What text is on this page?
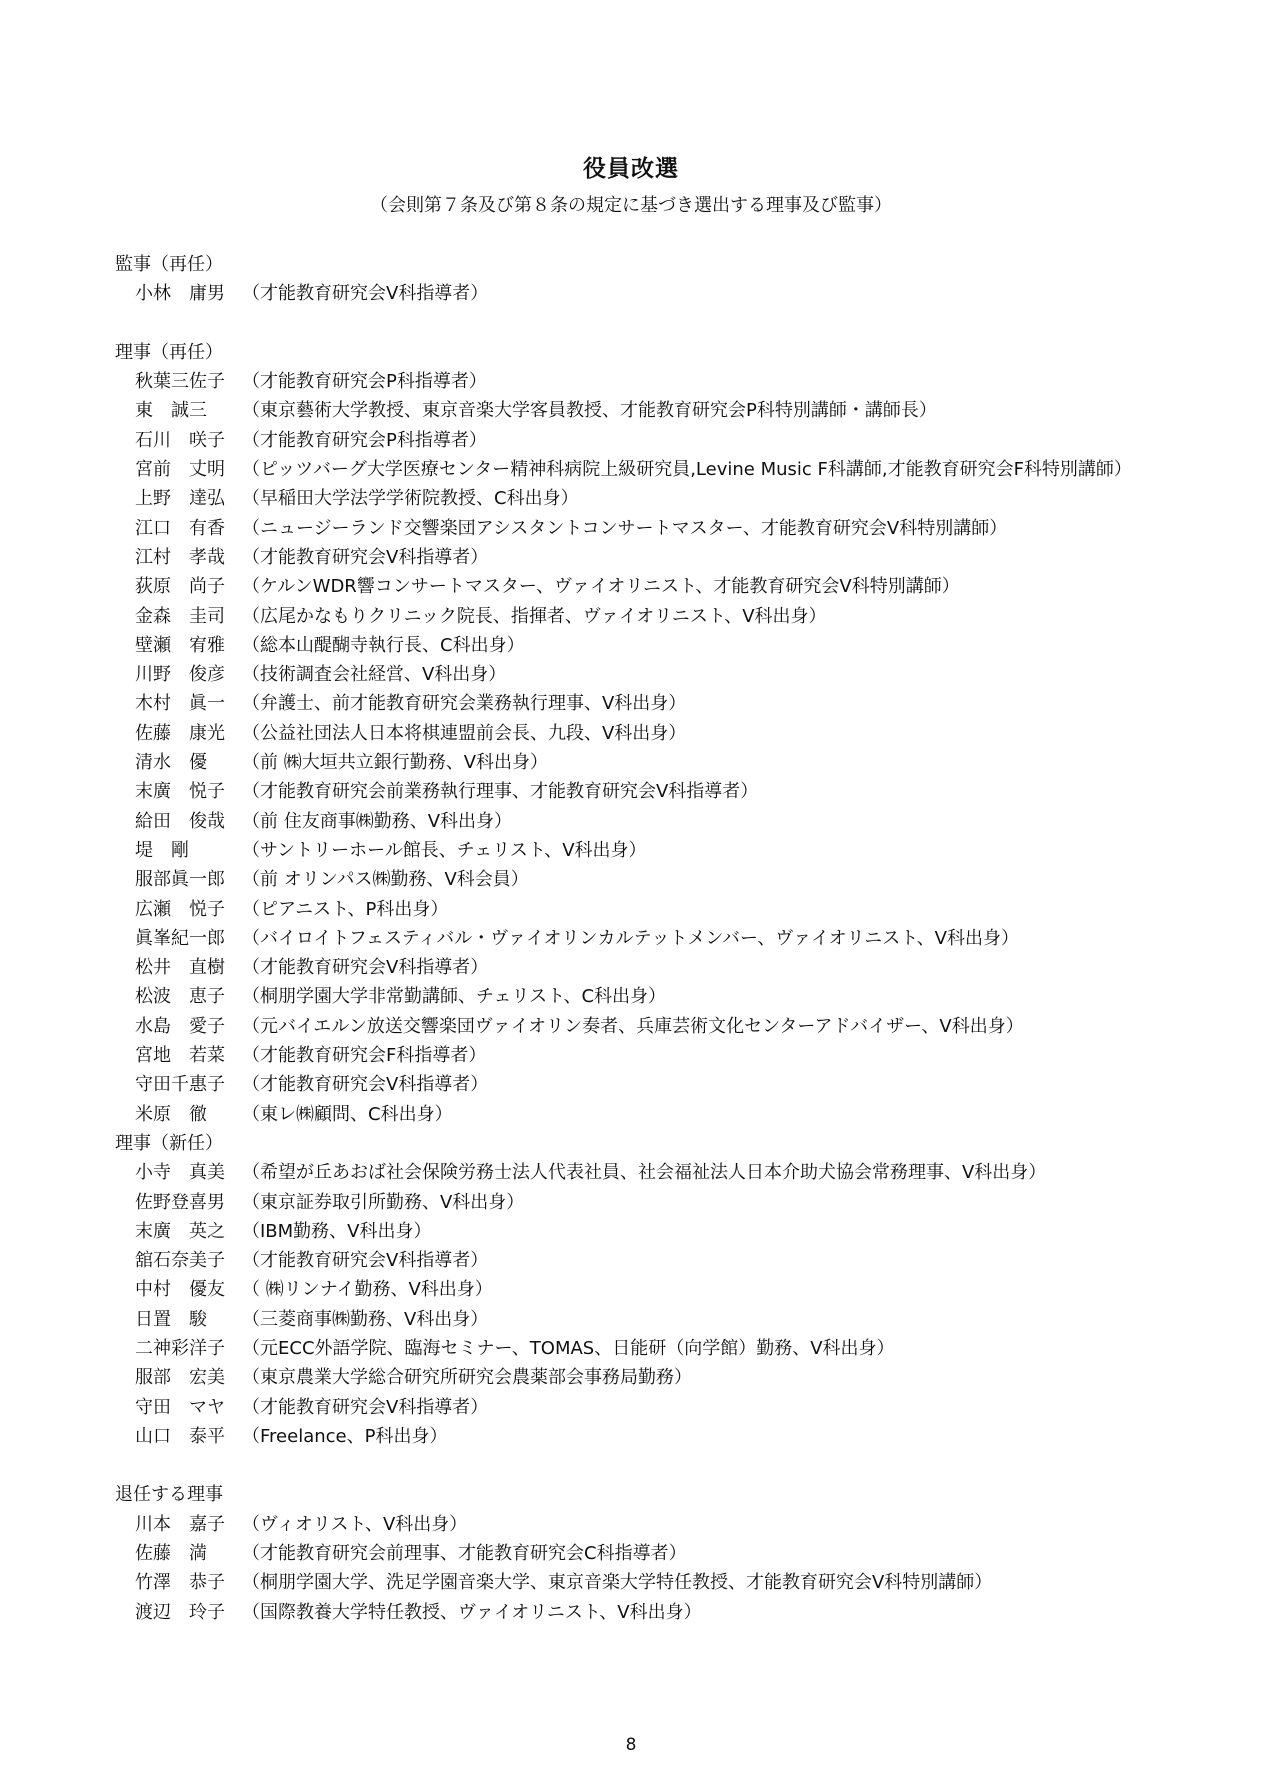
役員改選
（会則第７条及び第８条の規定に基づき選出する理事及び監事）
監事（再任）
小林　庸男 （才能教育研究会V科指導者）
理事（再任）
秋葉三佐子 （才能教育研究会P科指導者）
東　誠三	（東京藝術大学教授、東京音楽大学客員教授、才能教育研究会P科特別講師・講師長）
石川　咲子 （才能教育研究会P科指導者）
宮前　丈明 （ピッツバーグ大学医療センター精神科病院上級研究員,Levine Music F科講師,才能教育研究会F科特別講師）
上野　達弘 （早稲田大学法学学術院教授、C科出身）
江口　有香 （ニュージーランド交響楽団アシスタントコンサートマスター、才能教育研究会V科特別講師）
江村　孝哉 （才能教育研究会V科指導者）
荻原　尚子 （ケルンWDR響コンサートマスター、ヴァイオリニスト、才能教育研究会V科特別講師）
金森　圭司 （広尾かなもりクリニック院長、指揮者、ヴァイオリニスト、V科出身）
壁瀬　宥雅 （総本山醍醐寺執行長、C科出身）
川野　俊彦 （技術調査会社経営、V科出身）
木村　眞一 （弁護士、前才能教育研究会業務執行理事、V科出身）
佐藤　康光 （公益社団法人日本将棋連盟前会長、九段、V科出身）
清水　優	（前 ㈱大垣共立銀行勤務、V科出身）
末廣　悦子 （才能教育研究会前業務執行理事、才能教育研究会V科指導者）
給田　俊哉 （前 住友商事㈱勤務、V科出身）
堤　剛	（サントリーホール館長、チェリスト、V科出身）
服部眞一郎 （前 オリンパス㈱勤務、V科会員）
広瀬　悦子 （ピアニスト、P科出身）
眞峯紀一郎 （バイロイトフェスティバル・ヴァイオリンカルテットメンバー、ヴァイオリニスト、V科出身）
松井　直樹 （才能教育研究会V科指導者）
松波　恵子 （桐朋学園大学非常勤講師、チェリスト、C科出身）
水島　愛子 （元バイエルン放送交響楽団ヴァイオリン奏者、兵庫芸術文化センターアドバイザー、V科出身）
宮地　若菜 （才能教育研究会F科指導者）
守田千惠子 （才能教育研究会V科指導者）
米原　徹	（東レ㈱顧問、C科出身）
理事（新任）
小寺　真美 （希望が丘あおば社会保険労務士法人代表社員、社会福祉法人日本介助犬協会常務理事、V科出身）
佐野登喜男 （東京証券取引所勤務、V科出身）
末廣　英之 （IBM勤務、V科出身）
舘石奈美子 （才能教育研究会V科指導者）
中村　優友 （ ㈱リンナイ勤務、V科出身）
日置　駿	（三菱商事㈱勤務、V科出身）
二神彩洋子 （元ECC外語学院、臨海セミナー、TOMAS、日能研（向学館）勤務、V科出身）
服部　宏美 （東京農業大学総合研究所研究会農薬部会事務局勤務）
守田　マヤ （才能教育研究会V科指導者）
山口　泰平 （Freelance、P科出身）
退任する理事
川本　嘉子 （ヴィオリスト、V科出身）
佐藤　満	（才能教育研究会前理事、才能教育研究会C科指導者）
竹澤　恭子 （桐朋学園大学、洗足学園音楽大学、東京音楽大学特任教授、才能教育研究会V科特別講師）
渡辺　玲子 （国際教養大学特任教授、ヴァイオリニスト、V科出身）
8
